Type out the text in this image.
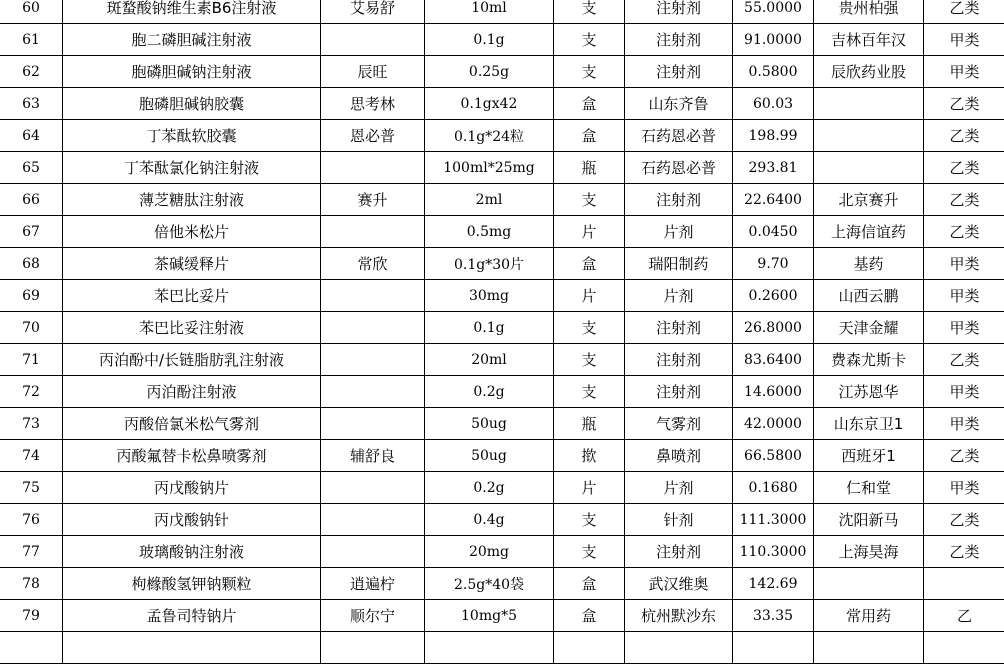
60	斑蝥酸钠维生素B6注射液	艾易舒	10ml	支	注射剂	55.0000	贵州柏强	乙类
61	胞二磷胆碱注射液		0.1g	支	注射剂	91.0000	吉林百年汉	甲类
62	胞磷胆碱钠注射液	辰旺	0.25g	支	注射剂	0.5800	辰欣药业股	甲类
63	胞磷胆碱钠胶囊	思考林	0.1gx42	盒	山东齐鲁	60.03		乙类
64	丁苯酞软胶囊	恩必普	0.1g*24粒	盒	石药恩必普	198.99		乙类
65	丁苯酞氯化钠注射液		100ml*25mg	瓶	石药恩必普	293.81		乙类
66	薄芝糖肽注射液	赛升	2ml	支	注射剂	22.6400	北京赛升	乙类
67	倍他米松片		0.5mg	片	片剂	0.0450	上海信谊药	乙类
68	茶碱缓释片	常欣	0.1g*30片	盒	瑞阳制药	9.70	基药	甲类
69	苯巴比妥片		30mg	片	片剂	0.2600	山西云鹏	甲类
70	苯巴比妥注射液		0.1g	支	注射剂	26.8000	天津金耀	甲类
71	丙泊酚中/长链脂肪乳注射液		20ml	支	注射剂	83.6400	费森尤斯卡	乙类
72	丙泊酚注射液		0.2g	支	注射剂	14.6000	江苏恩华	甲类
73	丙酸倍氯米松气雾剂		50ug	瓶	气雾剂	42.0000	山东京卫1	甲类
74	丙酸氟替卡松鼻喷雾剂	辅舒良	50ug	揿	鼻喷剂	66.5800	西班牙1	乙类
75	丙戊酸钠片		0.2g	片	片剂	0.1680	仁和堂	甲类
76	丙戊酸钠针		0.4g	支	针剂	111.3000	沈阳新马	乙类
77	玻璃酸钠注射液		20mg	支	注射剂	110.3000	上海昊海	乙类
78	枸橼酸氢钾钠颗粒	逍遍柠	2.5g*40袋	盒	武汉维奥	142.69		
79	孟鲁司特钠片	顺尔宁	10mg*5	盒	杭州默沙东	33.35	常用药	乙
